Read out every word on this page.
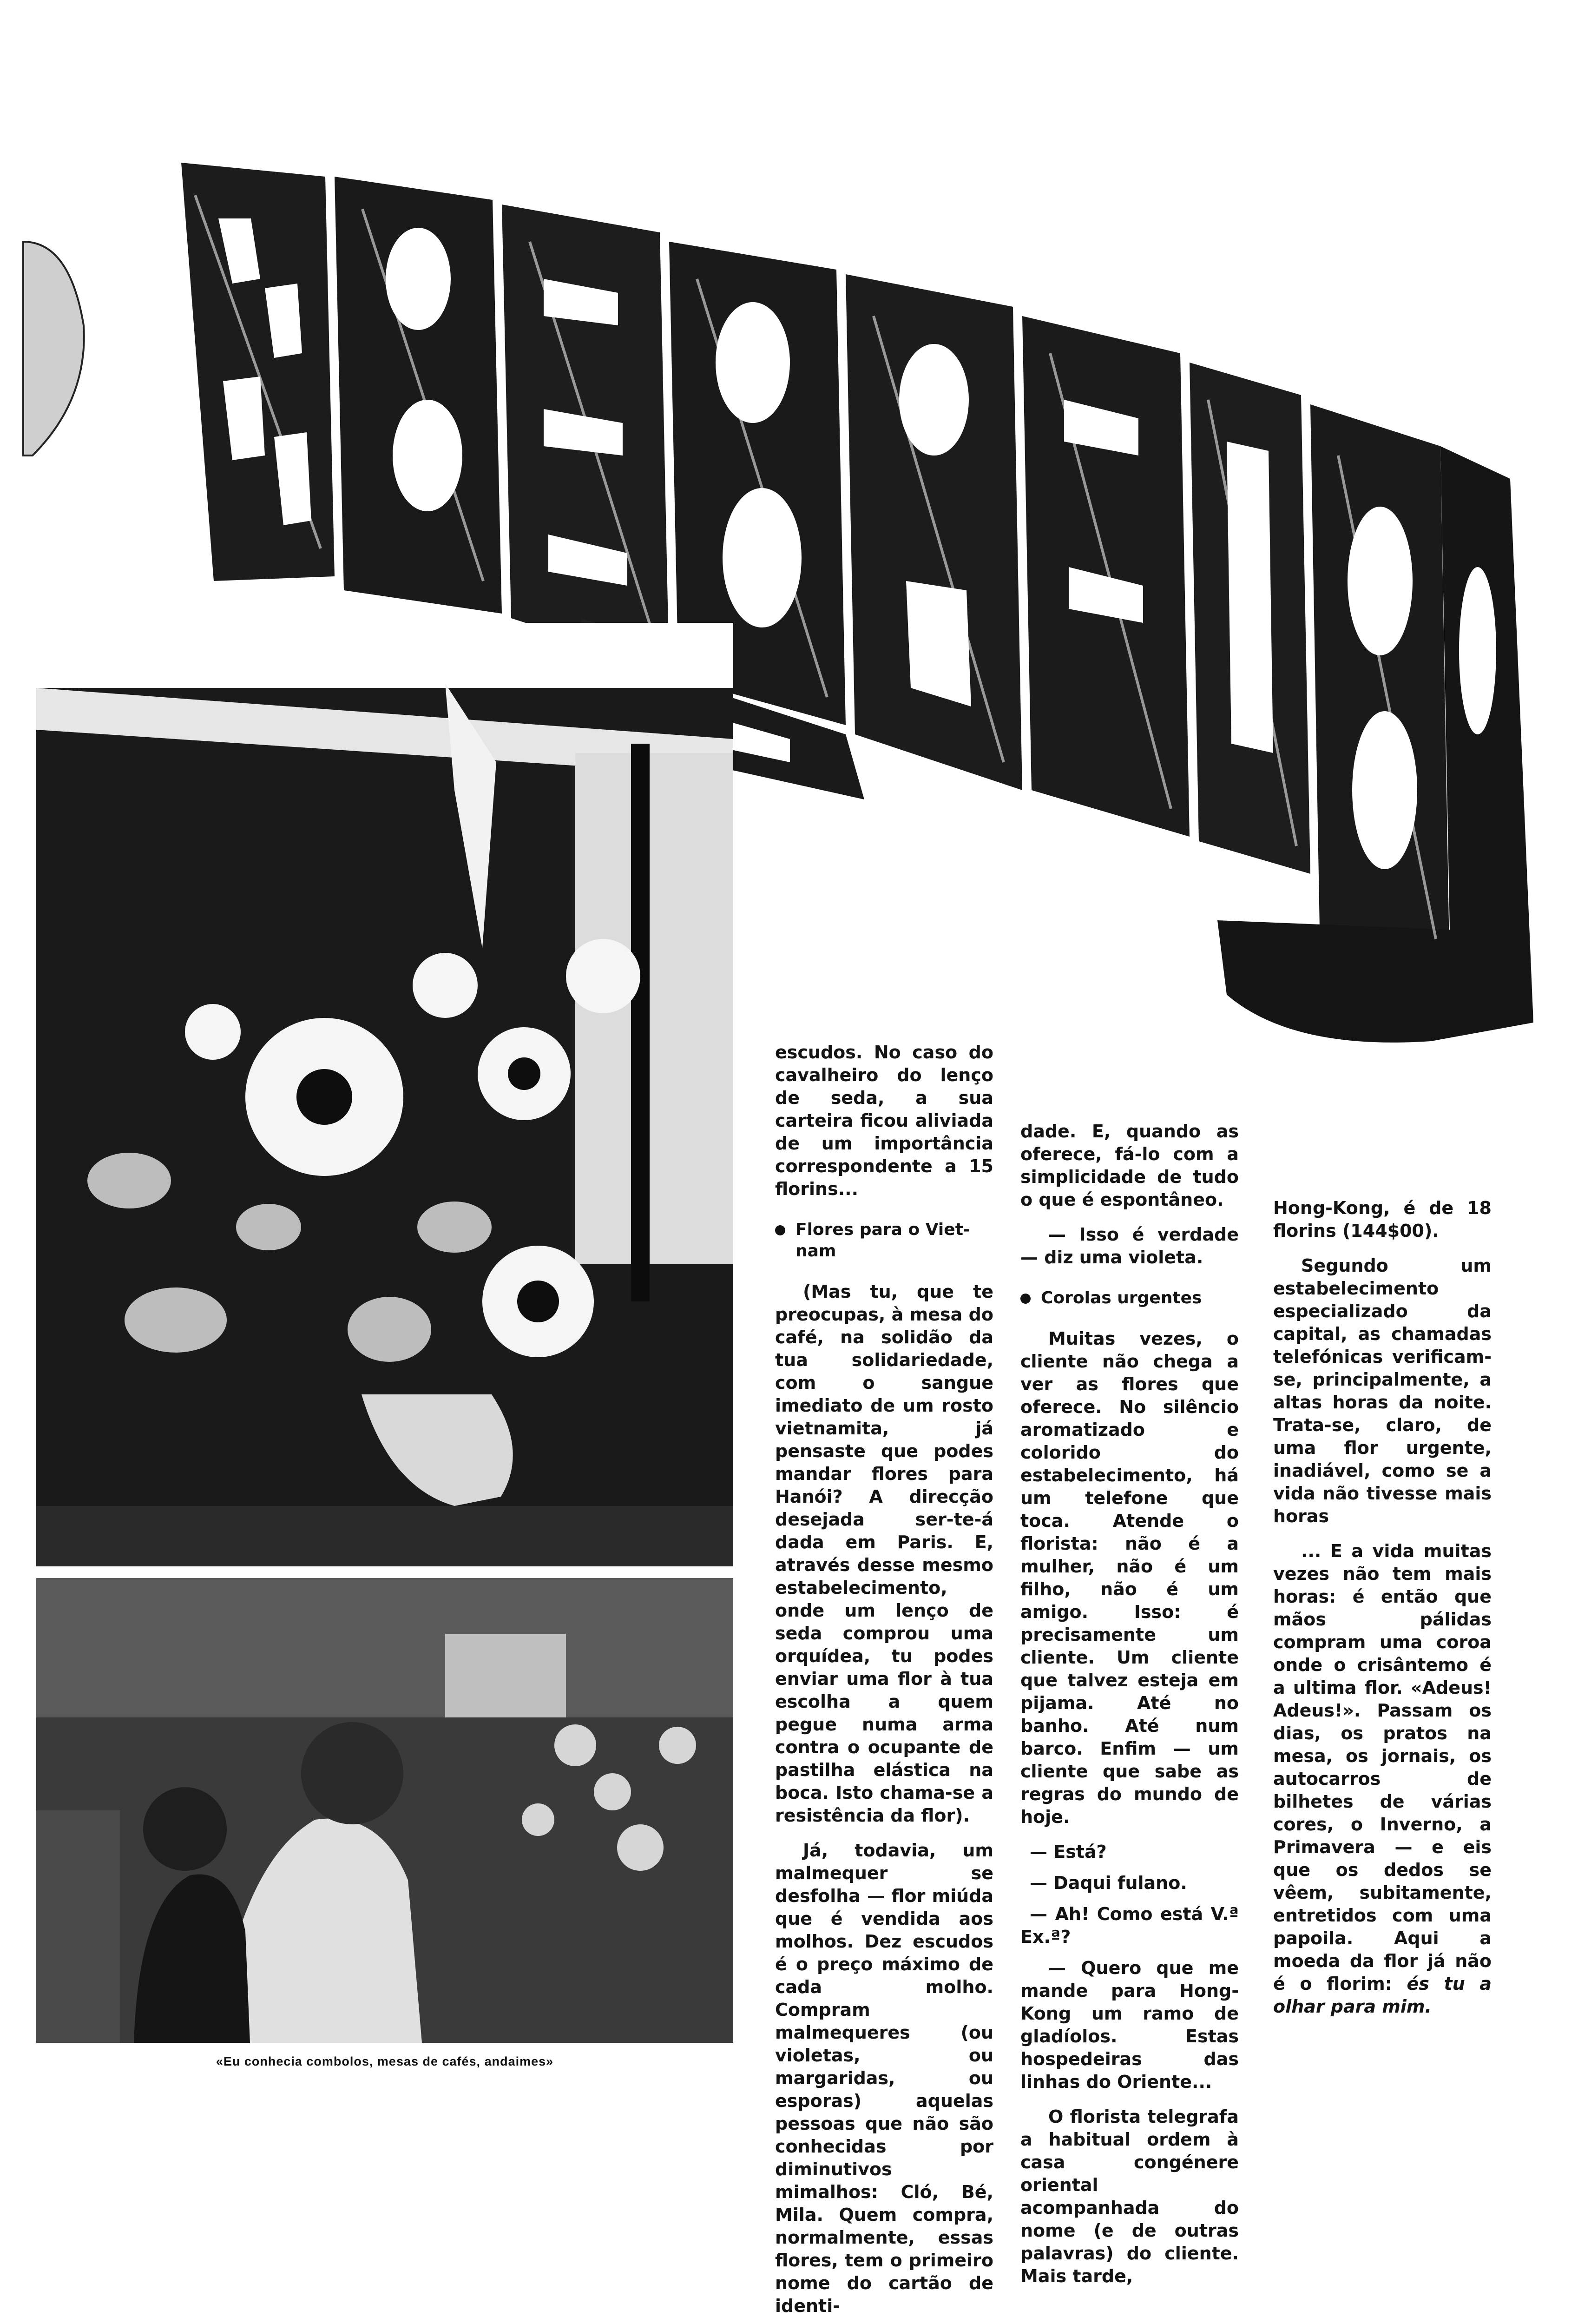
«Eu conhecia combolos, mesas de cafés, andaimes»

escudos. No caso do cavalheiro do lenço de seda, a sua carteira ficou aliviada de um importância correspondente a 15 florins...

Flores para o Viet-
nam

(Mas tu, que te preocupas, à mesa do café, na solidão da tua solidariedade, com o sangue imediato de um rosto vietnamita, já pensaste que podes mandar flores para Hanói? A direcção desejada ser-te-á dada em Paris. E, através desse mesmo estabelecimento, onde um lenço de seda comprou uma orquídea, tu podes enviar uma flor à tua escolha a quem pegue numa arma contra o ocupante de pastilha elástica na boca. Isto chama-se a resistência da flor).

Já, todavia, um malmequer se desfolha — flor miúda que é vendida aos molhos. Dez escudos é o preço máximo de cada molho. Compram malmequeres (ou violetas, ou margaridas, ou esporas) aquelas pessoas que não são conhecidas por diminutivos mimalhos: Cló, Bé, Mila. Quem compra, normalmente, essas flores, tem o primeiro nome do cartão de identi-

dade. E, quando as oferece, fá-lo com a simplicidade de tudo o que é espontâneo.

— Isso é verdade — diz uma violeta.

Corolas urgentes

Muitas vezes, o cliente não chega a ver as flores que oferece. No silêncio aromatizado e colorido do estabelecimento, há um telefone que toca. Atende o florista: não é a mulher, não é um filho, não é um amigo. Isso: é precisamente um cliente. Um cliente que talvez esteja em pijama. Até no banho. Até num barco. Enfim — um cliente que sabe as regras do mundo de hoje.

— Está?

— Daqui fulano.

— Ah! Como está V.ª Ex.ª?

— Quero que me mande para Hong-Kong um ramo de gladíolos. Estas hospedeiras das linhas do Oriente...

O florista telegrafa a habitual ordem à casa congénere oriental acompanhada do nome (e de outras palavras) do cliente. Mais tarde,

Hong-Kong, é de 18 florins (144$00).

Segundo um estabelecimento especializado da capital, as chamadas telefónicas verificam-se, principalmente, a altas horas da noite. Trata-se, claro, de uma flor urgente, inadiável, como se a vida não tivesse mais horas

... E a vida muitas vezes não tem mais horas: é então que mãos pálidas compram uma coroa onde o crisântemo é a ultima flor. «Adeus! Adeus!». Passam os dias, os pratos na mesa, os jornais, os autocarros de bilhetes de várias cores, o Inverno, a Primavera — e eis que os dedos se vêem, subitamente, entretidos com uma papoila. Aqui a moeda da flor já não é o florim: és tu a olhar para mim.
